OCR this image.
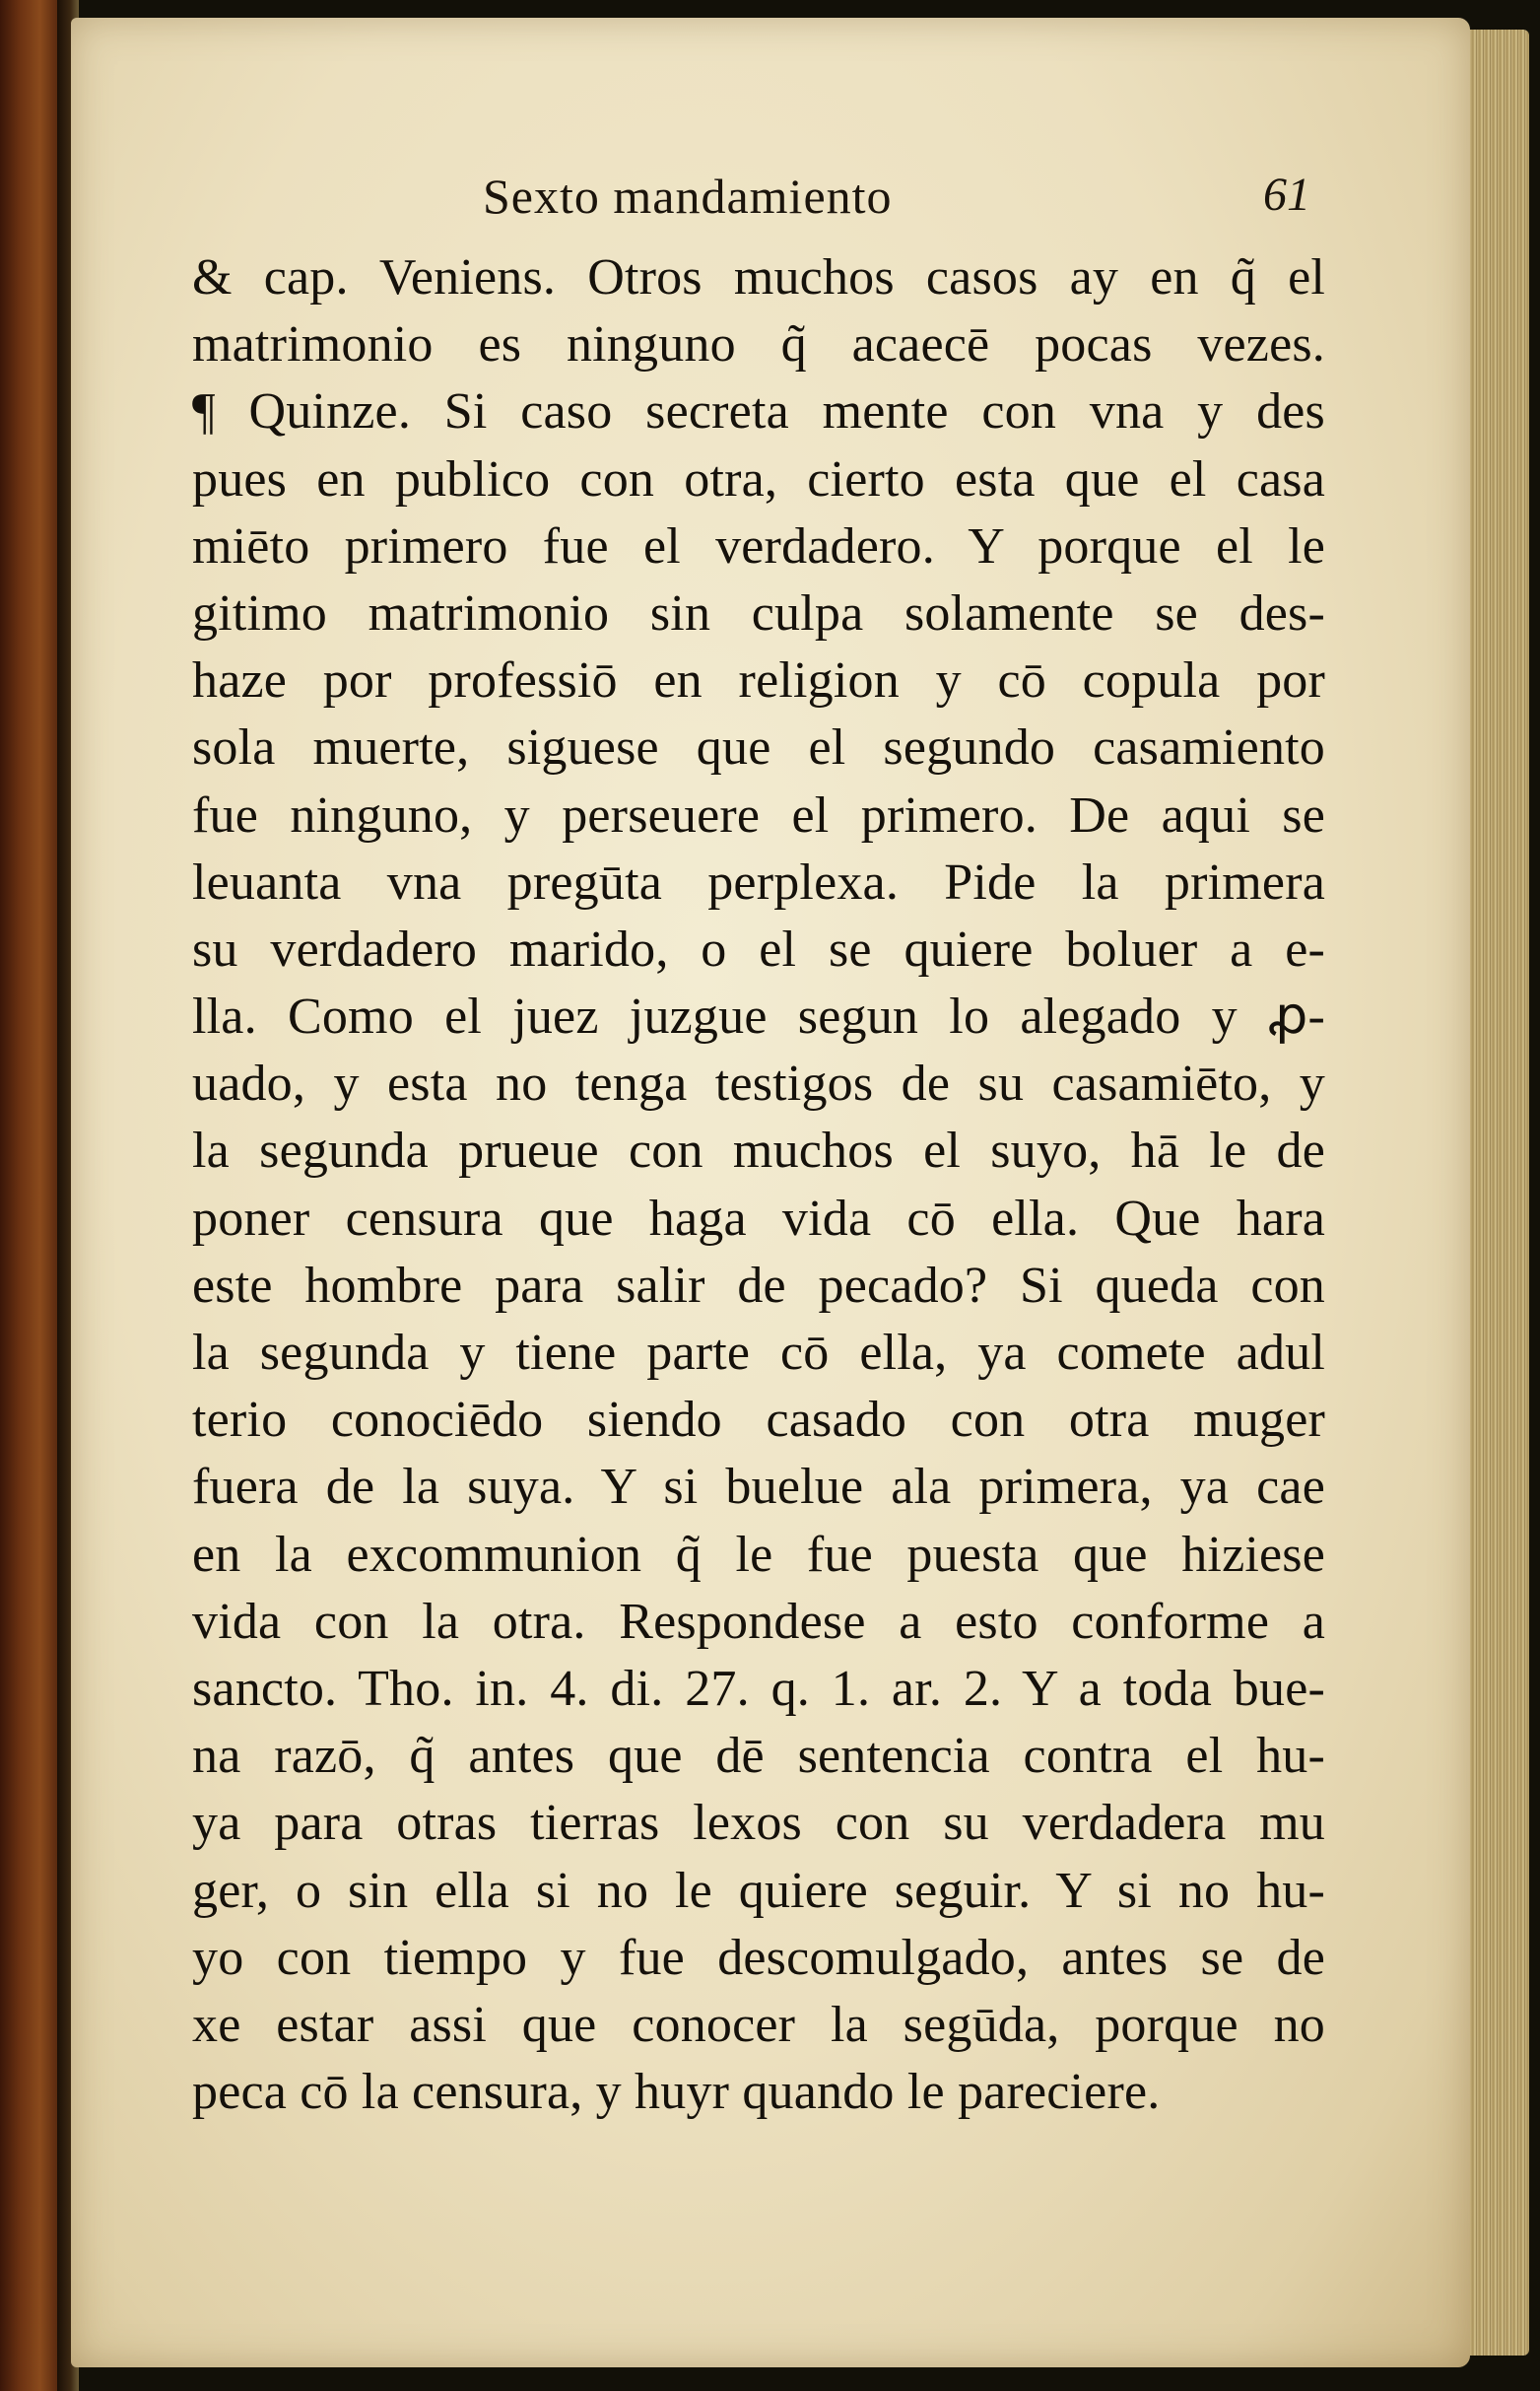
Sexto mandamiento	61
& cap. Veniens. Otros muchos casos ay en q̃ el
matrimonio es ninguno q̃ acaecē pocas vezes.
¶ Quinze. Si caso secreta mente con vna y des
pues en publico con otra, cierto esta que el casa
miēto primero fue el verdadero. Y porque el le
gitimo matrimonio sin culpa solamente se des-
haze por professiō en religion y cō copula por
sola muerte, siguese que el segundo casamiento
fue ninguno, y perseuere el primero. De aqui se
leuanta vna pregūta perplexa. Pide la primera
su verdadero marido, o el se quiere boluer a e-
lla. Como el juez juzgue segun lo alegado y ꝓ-
uado, y esta no tenga testigos de su casamiēto, y
la segunda prueue con muchos el suyo, hā le de
poner censura que haga vida cō ella. Que hara
este hombre para salir de pecado? Si queda con
la segunda y tiene parte cō ella, ya comete adul
terio conociēdo siendo casado con otra muger
fuera de la suya. Y si buelue ala primera, ya cae
en la excommunion q̃ le fue puesta que hiziese
vida con la otra. Respondese a esto conforme a
sancto. Tho. in. 4. di. 27. q. 1. ar. 2. Y a toda bue-
na razō, q̃ antes que dē sentencia contra el hu-
ya para otras tierras lexos con su verdadera mu
ger, o sin ella si no le quiere seguir. Y si no hu-
yo con tiempo y fue descomulgado, antes se de
xe estar assi que conocer la segūda, porque no
peca cō la censura, y huyr quando le pareciere.
